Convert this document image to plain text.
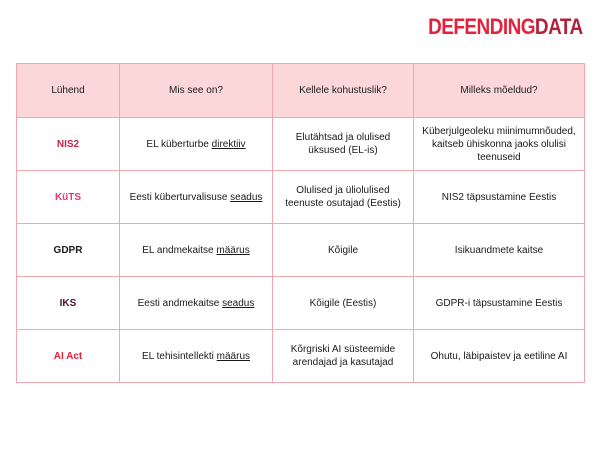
DEFENDINGDATA
Lühend	Mis see on?	Kellele kohustuslik?	Milleks mõeldud?
NIS2	EL küberturbe direktiiv	Elutähtsad ja olulised üksused (EL-is)	Küberjulgeoleku miinimumnõuded, kaitseb ühiskonna jaoks olulisi teenuseid
KüTS	Eesti küberturvalisuse seadus	Olulised ja üliolulised teenuste osutajad (Eestis)	NIS2 täpsustamine Eestis
GDPR	EL andmekaitse määrus	Kõigile	Isikuandmete kaitse
IKS	Eesti andmekaitse seadus	Kõigile (Eestis)	GDPR-i täpsustamine Eestis
AI Act	EL tehisintellekti määrus	Kõrgriski AI süsteemide arendajad ja kasutajad	Ohutu, läbipaistev ja eetiline AI
